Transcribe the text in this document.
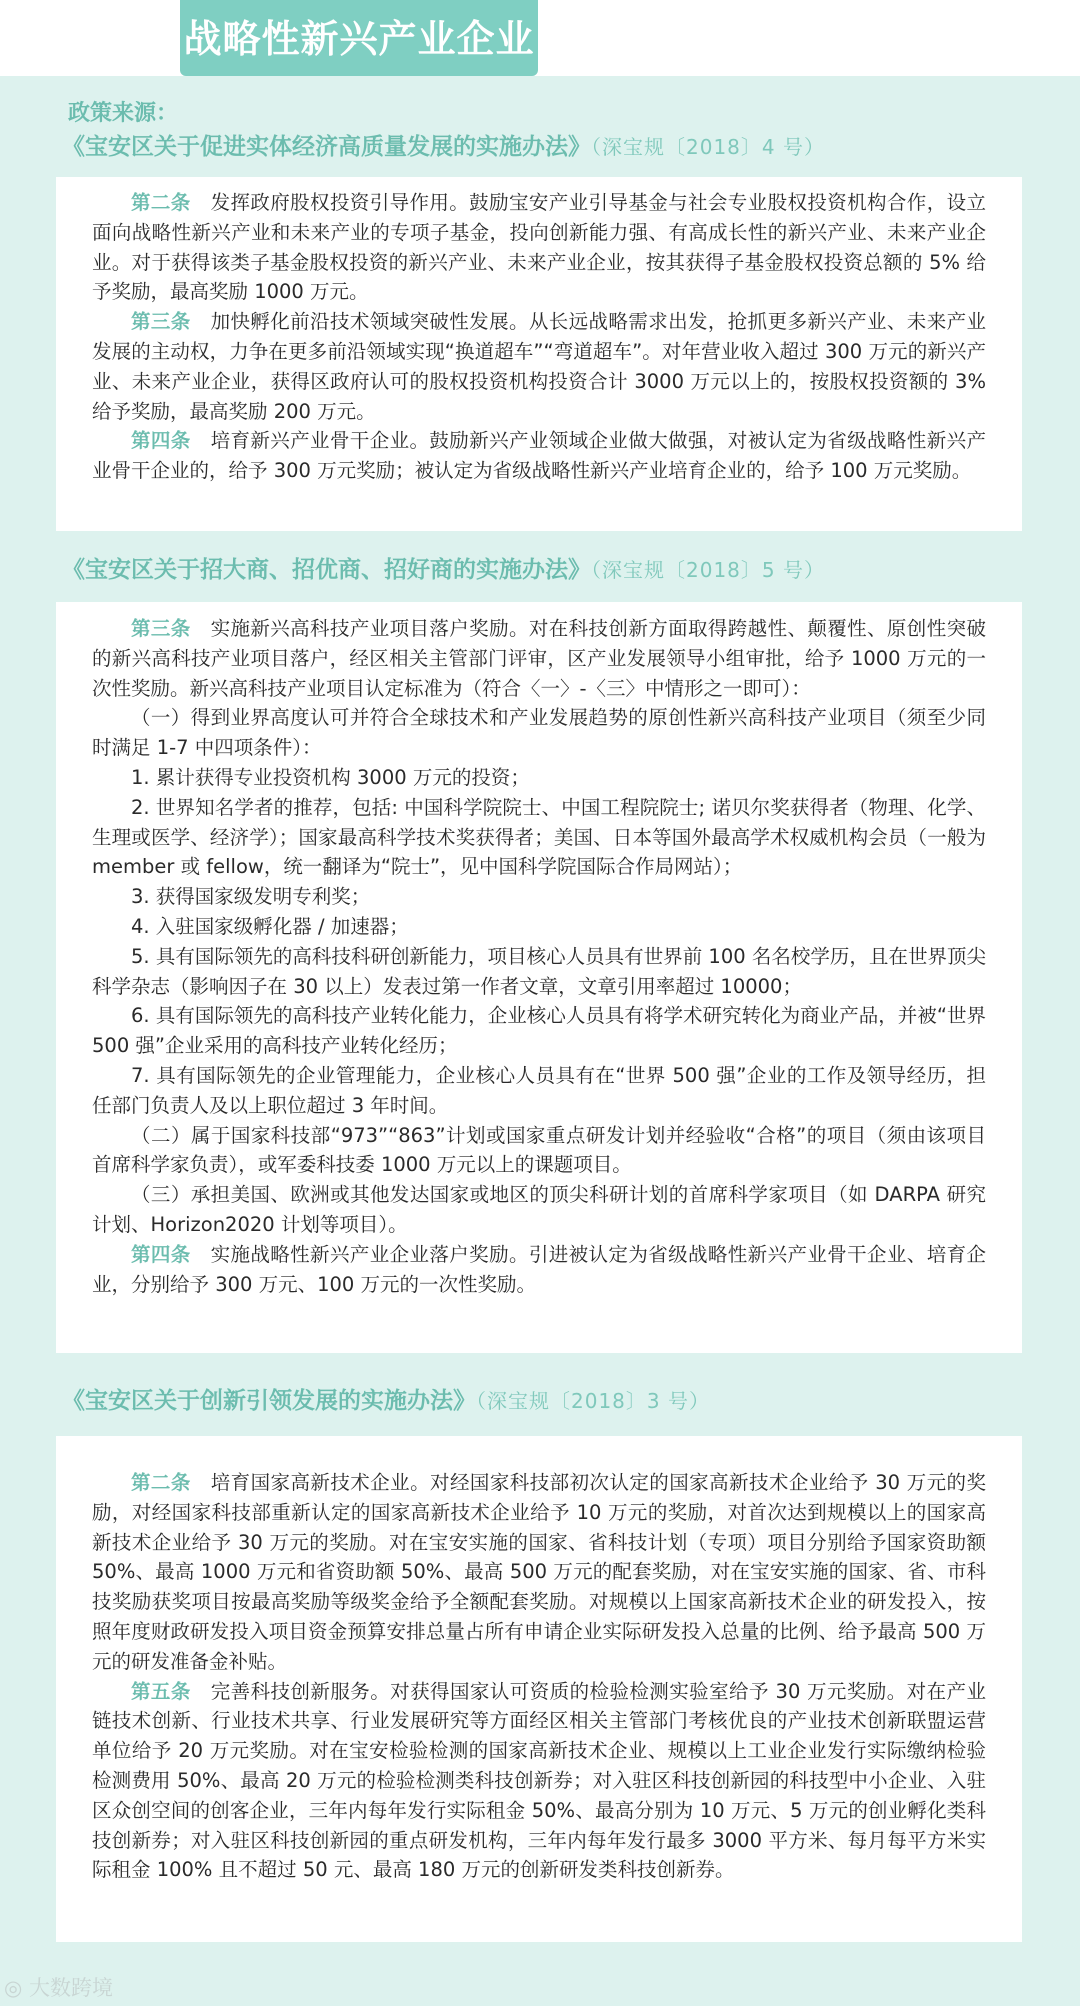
战略性新兴产业企业
政策来源：
《宝安区关于促进实体经济高质量发展的实施办法》（深宝规〔2018〕4 号）

第二条　 发挥政府股权投资引导作用。鼓励宝安产业引导基金与社会专业股权投资机构合作，设立面向战略性新兴产业和未来产业的专项子基金，投向创新能力强、有高成长性的新兴产业、未来产业企业。对于获得该类子基金股权投资的新兴产业、未来产业企业，按其获得子基金股权投资总额的 5% 给予奖励，最高奖励 1000 万元。

第三条　 加快孵化前沿技术领域突破性发展。从长远战略需求出发，抢抓更多新兴产业、未来产业发展的主动权，力争在更多前沿领域实现“换道超车”“弯道超车”。对年营业收入超过 300 万元的新兴产业、未来产业企业，获得区政府认可的股权投资机构投资合计 3000 万元以上的，按股权投资额的 3% 给予奖励，最高奖励 200 万元。

第四条　 培育新兴产业骨干企业。鼓励新兴产业领域企业做大做强，对被认定为省级战略性新兴产业骨干企业的，给予 300 万元奖励；被认定为省级战略性新兴产业培育企业的，给予 100 万元奖励。

《宝安区关于招大商、招优商、招好商的实施办法》（深宝规〔2018〕5 号）

第三条　 实施新兴高科技产业项目落户奖励。对在科技创新方面取得跨越性、颠覆性、原创性突破的新兴高科技产业项目落户，经区相关主管部门评审，区产业发展领导小组审批，给予 1000 万元的一次性奖励。新兴高科技产业项目认定标准为（符合〈一〉-〈三〉中情形之一即可）：

（一）得到业界高度认可并符合全球技术和产业发展趋势的原创性新兴高科技产业项目（须至少同时满足 1-7 中四项条件）：

1. 累计获得专业投资机构 3000 万元的投资；

2. 世界知名学者的推荐，包括: 中国科学院院士、中国工程院院士; 诺贝尔奖获得者（物理、化学、生理或医学、经济学）；国家最高科学技术奖获得者；美国、日本等国外最高学术权威机构会员（一般为 member 或 fellow，统一翻译为“院士”，见中国科学院国际合作局网站）；

3. 获得国家级发明专利奖；

4. 入驻国家级孵化器 / 加速器；

5. 具有国际领先的高科技科研创新能力，项目核心人员具有世界前 100 名名校学历，且在世界顶尖科学杂志（影响因子在 30 以上）发表过第一作者文章，文章引用率超过 10000；

6. 具有国际领先的高科技产业转化能力，企业核心人员具有将学术研究转化为商业产品，并被“世界 500 强”企业采用的高科技产业转化经历；

7. 具有国际领先的企业管理能力，企业核心人员具有在“世界 500 强”企业的工作及领导经历，担任部门负责人及以上职位超过 3 年时间。

（二）属于国家科技部“973”“863”计划或国家重点研发计划并经验收“合格”的项目（须由该项目首席科学家负责），或军委科技委 1000 万元以上的课题项目。

（三）承担美国、欧洲或其他发达国家或地区的顶尖科研计划的首席科学家项目（如 DARPA 研究计划、Horizon2020 计划等项目）。

第四条　 实施战略性新兴产业企业落户奖励。引进被认定为省级战略性新兴产业骨干企业、培育企业，分别给予 300 万元、100 万元的一次性奖励。

《宝安区关于创新引领发展的实施办法》（深宝规〔2018〕3 号）

第二条　 培育国家高新技术企业。对经国家科技部初次认定的国家高新技术企业给予 30 万元的奖励，对经国家科技部重新认定的国家高新技术企业给予 10 万元的奖励，对首次达到规模以上的国家高新技术企业给予 30 万元的奖励。对在宝安实施的国家、省科技计划（专项）项目分别给予国家资助额 50%、最高 1000 万元和省资助额 50%、最高 500 万元的配套奖励，对在宝安实施的国家、省、市科技奖励获奖项目按最高奖励等级奖金给予全额配套奖励。对规模以上国家高新技术企业的研发投入，按照年度财政研发投入项目资金预算安排总量占所有申请企业实际研发投入总量的比例、给予最高 500 万元的研发准备金补贴。

第五条　 完善科技创新服务。对获得国家认可资质的检验检测实验室给予 30 万元奖励。对在产业链技术创新、行业技术共享、行业发展研究等方面经区相关主管部门考核优良的产业技术创新联盟运营单位给予 20 万元奖励。对在宝安检验检测的国家高新技术企业、规模以上工业企业发行实际缴纳检验检测费用 50%、最高 20 万元的检验检测类科技创新券；对入驻区科技创新园的科技型中小企业、入驻区众创空间的创客企业，三年内每年发行实际租金 50%、最高分别为 10 万元、5 万元的创业孵化类科技创新券；对入驻区科技创新园的重点研发机构，三年内每年发行最多 3000 平方米、每月每平方米实际租金 100% 且不超过 50 元、最高 180 万元的创新研发类科技创新券。

◎ 大数跨境
